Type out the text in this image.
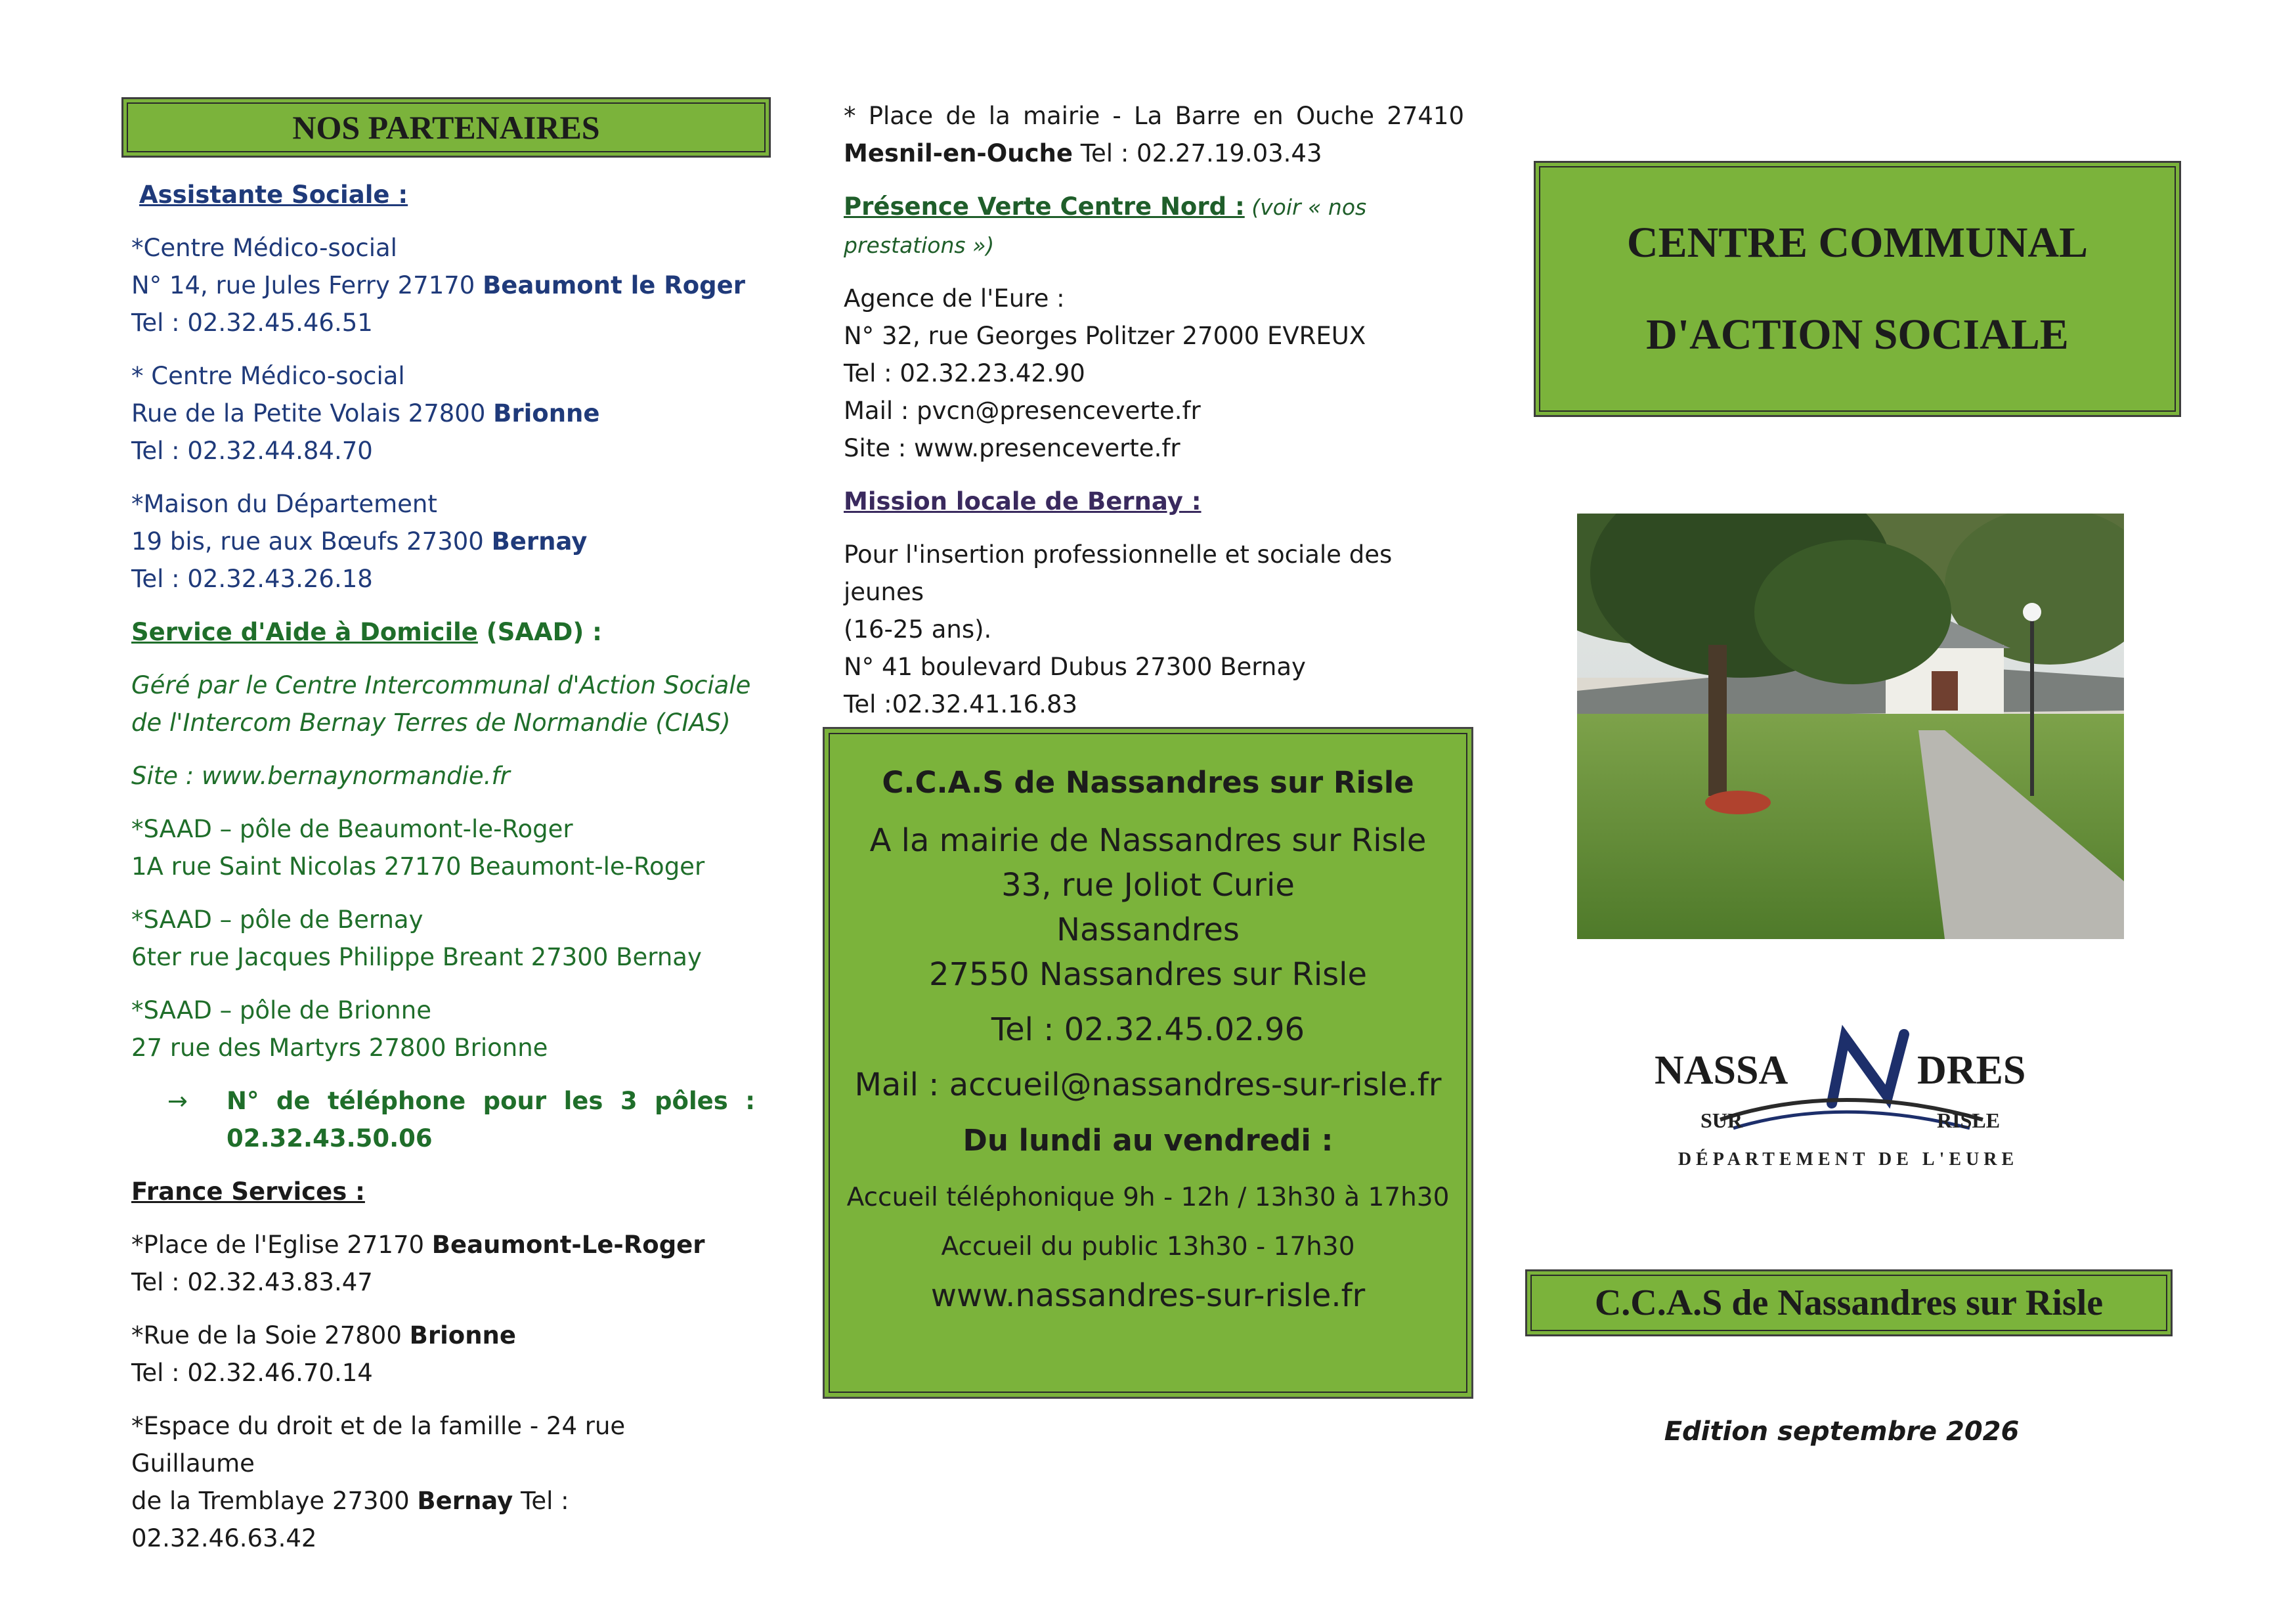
NOS PARTENAIRES

Assistante Sociale :

*Centre Médico-social

N° 14, rue Jules Ferry 27170 Beaumont le Roger

Tel : 02.32.45.46.51

* Centre Médico-social

Rue de la Petite Volais 27800 Brionne

Tel : 02.32.44.84.70

*Maison du Département

19 bis, rue aux Bœufs 27300 Bernay

Tel : 02.32.43.26.18

Service d'Aide à Domicile (SAAD) :

Géré par le Centre Intercommunal d'Action Sociale

de l'Intercom Bernay Terres de Normandie (CIAS)

Site : www.bernaynormandie.fr

*SAAD – pôle de Beaumont-le-Roger

1A rue Saint Nicolas 27170 Beaumont-le-Roger

*SAAD – pôle de Bernay

6ter rue Jacques Philippe Breant 27300 Bernay

*SAAD – pôle de Brionne

27 rue des Martyrs 27800 Brionne

→ N° de téléphone pour les 3 pôles :

02.32.43.50.06

France Services :

*Place de l'Eglise 27170 Beaumont-Le-Roger

Tel : 02.32.43.83.47

*Rue de la Soie 27800 Brionne

Tel : 02.32.46.70.14

*Espace du droit et de la famille - 24 rue Guillaume

de la Tremblaye 27300 Bernay Tel : 02.32.46.63.42

* Place de la mairie - La Barre en Ouche 27410

Mesnil-en-Ouche Tel : 02.27.19.03.43

Présence Verte Centre Nord : (voir « nos prestations »)

Agence de l'Eure :

N° 32, rue Georges Politzer 27000 EVREUX

Tel : 02.32.23.42.90

Mail : pvcn@presenceverte.fr

Site : www.presenceverte.fr

Mission locale de Bernay :

Pour l'insertion professionnelle et sociale des jeunes

(16-25 ans).

N° 41 boulevard Dubus 27300 Bernay

Tel :02.32.41.16.83

C.C.A.S de Nassandres sur Risle

A la mairie de Nassandres sur Risle

33, rue Joliot Curie

Nassandres

27550 Nassandres sur Risle

Tel : 02.32.45.02.96

Mail : accueil@nassandres-sur-risle.fr

Du lundi au vendredi :

Accueil téléphonique 9h - 12h / 13h30 à 17h30

Accueil du public 13h30 - 17h30

www.nassandres-sur-risle.fr

CENTRE COMMUNAL
D'ACTION SOCIALE
NASSA	DRES
SUR	RISLE
DÉPARTEMENT DE L'EURE
C.C.A.S de Nassandres sur Risle
Edition septembre 2026
